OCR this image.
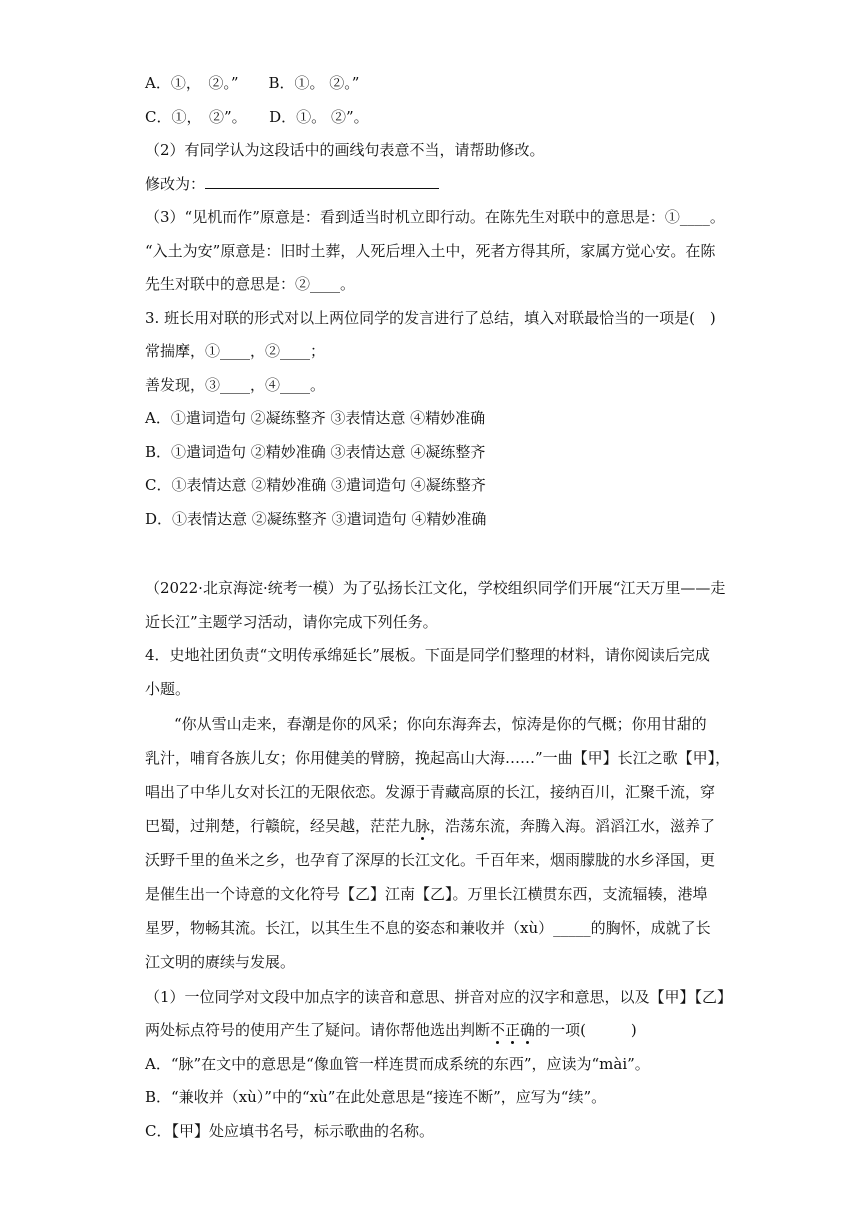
A．①，　②。”　　B．①。 ②。”
C．①，　②”。　　D．①。 ②”。
（2）有同学认为这段话中的画线句表意不当，请帮助修改。
修改为：
（3）“见机而作”原意是：看到适当时机立即行动。在陈先生对联中的意思是：①____。
“入土为安”原意是：旧时土葬，人死后埋入土中，死者方得其所，家属方觉心安。在陈
先生对联中的意思是：②____。
3. 班长用对联的形式对以上两位同学的发言进行了总结，填入对联最恰当的一项是(　)
常揣摩，①____，②____；
善发现，③____，④____。
A．①遣词造句 ②凝练整齐 ③表情达意 ④精妙准确
B．①遣词造句 ②精妙准确 ③表情达意 ④凝练整齐
C．①表情达意 ②精妙准确 ③遣词造句 ④凝练整齐
D．①表情达意 ②凝练整齐 ③遣词造句 ④精妙准确
（2022·北京海淀·统考一模）为了弘扬长江文化，学校组织同学们开展“江天万里——走
近长江”主题学习活动，请你完成下列任务。
4．史地社团负责“文明传承绵延长”展板。下面是同学们整理的材料，请你阅读后完成
小题。
“你从雪山走来，春潮是你的风采；你向东海奔去，惊涛是你的气概；你用甘甜的
乳汁，哺育各族儿女；你用健美的臂膀，挽起高山大海……”一曲【甲】长江之歌【甲】，
唱出了中华儿女对长江的无限依恋。发源于青藏高原的长江，接纳百川，汇聚千流，穿
巴蜀，过荆楚，行赣皖，经吴越，茫茫九脉，浩荡东流，奔腾入海。滔滔江水，滋养了
沃野千里的鱼米之乡，也孕育了深厚的长江文化。千百年来，烟雨朦胧的水乡泽国，更
是催生出一个诗意的文化符号【乙】江南【乙】。万里长江横贯东西，支流辐辏，港埠
星罗，物畅其流。长江，以其生生不息的姿态和兼收并（xù）_____的胸怀，成就了长
江文明的赓续与发展。
（1）一位同学对文段中加点字的读音和意思、拼音对应的汉字和意思，以及【甲】【乙】
两处标点符号的使用产生了疑问。请你帮他选出判断不正确的一项(　　　)
A．“脉”在文中的意思是“像血管一样连贯而成系统的东西”，应读为“mài”。
B．“兼收并（xù）”中的“xù”在此处意思是“接连不断”，应写为“续”。
C．【甲】处应填书名号，标示歌曲的名称。
